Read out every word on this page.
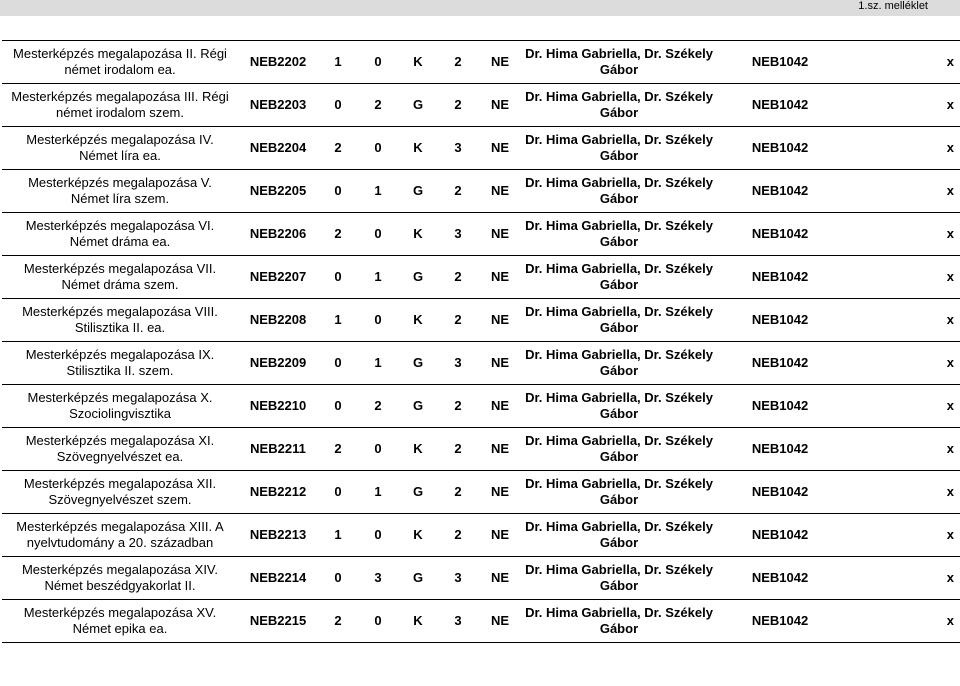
1.sz. melléklet
Mesterképzés megalapozása II. Régi német irodalom ea.	NEB2202	1	0	K	2	NE	Dr. Hima Gabriella, Dr. Székely Gábor	NEB1042	x
Mesterképzés megalapozása III. Régi német irodalom szem.	NEB2203	0	2	G	2	NE	Dr. Hima Gabriella, Dr. Székely Gábor	NEB1042	x
Mesterképzés megalapozása IV. Német líra ea.	NEB2204	2	0	K	3	NE	Dr. Hima Gabriella, Dr. Székely Gábor	NEB1042	x
Mesterképzés megalapozása V. Német líra szem.	NEB2205	0	1	G	2	NE	Dr. Hima Gabriella, Dr. Székely Gábor	NEB1042	x
Mesterképzés megalapozása VI. Német dráma ea.	NEB2206	2	0	K	3	NE	Dr. Hima Gabriella, Dr. Székely Gábor	NEB1042	x
Mesterképzés megalapozása VII. Német dráma szem.	NEB2207	0	1	G	2	NE	Dr. Hima Gabriella, Dr. Székely Gábor	NEB1042	x
Mesterképzés megalapozása VIII. Stilisztika II. ea.	NEB2208	1	0	K	2	NE	Dr. Hima Gabriella, Dr. Székely Gábor	NEB1042	x
Mesterképzés megalapozása IX. Stilisztika II. szem.	NEB2209	0	1	G	3	NE	Dr. Hima Gabriella, Dr. Székely Gábor	NEB1042	x
Mesterképzés megalapozása X. Szociolingvisztika	NEB2210	0	2	G	2	NE	Dr. Hima Gabriella, Dr. Székely Gábor	NEB1042	x
Mesterképzés megalapozása XI. Szövegnyelvészet ea.	NEB2211	2	0	K	2	NE	Dr. Hima Gabriella, Dr. Székely Gábor	NEB1042	x
Mesterképzés megalapozása XII. Szövegnyelvészet szem.	NEB2212	0	1	G	2	NE	Dr. Hima Gabriella, Dr. Székely Gábor	NEB1042	x
Mesterképzés megalapozása XIII. A nyelvtudomány a 20. században	NEB2213	1	0	K	2	NE	Dr. Hima Gabriella, Dr. Székely Gábor	NEB1042	x
Mesterképzés megalapozása XIV. Német beszédgyakorlat II.	NEB2214	0	3	G	3	NE	Dr. Hima Gabriella, Dr. Székely Gábor	NEB1042	x
Mesterképzés megalapozása XV. Német epika ea.	NEB2215	2	0	K	3	NE	Dr. Hima Gabriella, Dr. Székely Gábor	NEB1042	x
